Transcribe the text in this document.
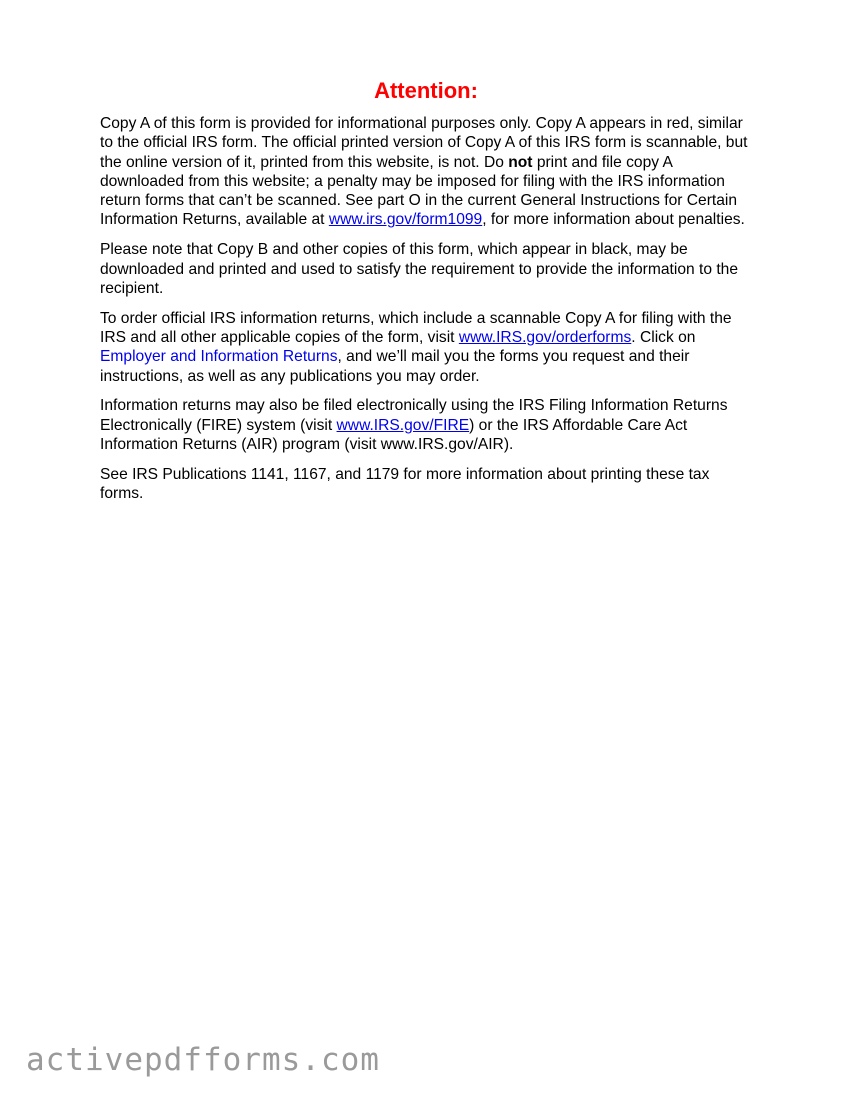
Attention:

Copy A of this form is provided for informational purposes only. Copy A appears in red, similar to the official IRS form. The official printed version of Copy A of this IRS form is scannable, but the online version of it, printed from this website, is not. Do not print and file copy A downloaded from this website; a penalty may be imposed for filing with the IRS information return forms that can’t be scanned. See part O in the current General Instructions for Certain Information Returns, available at www.irs.gov/form1099, for more information about penalties.

Please note that Copy B and other copies of this form, which appear in black, may be downloaded and printed and used to satisfy the requirement to provide the information to the recipient.

To order official IRS information returns, which include a scannable Copy A for filing with the IRS and all other applicable copies of the form, visit www.IRS.gov/orderforms. Click on Employer and Information Returns, and we’ll mail you the forms you request and their instructions, as well as any publications you may order.

Information returns may also be filed electronically using the IRS Filing Information Returns Electronically (FIRE) system (visit www.IRS.gov/FIRE) or the IRS Affordable Care Act Information Returns (AIR) program (visit www.IRS.gov/AIR).

See IRS Publications 1141, 1167, and 1179 for more information about printing these tax forms.

activepdfforms.com
